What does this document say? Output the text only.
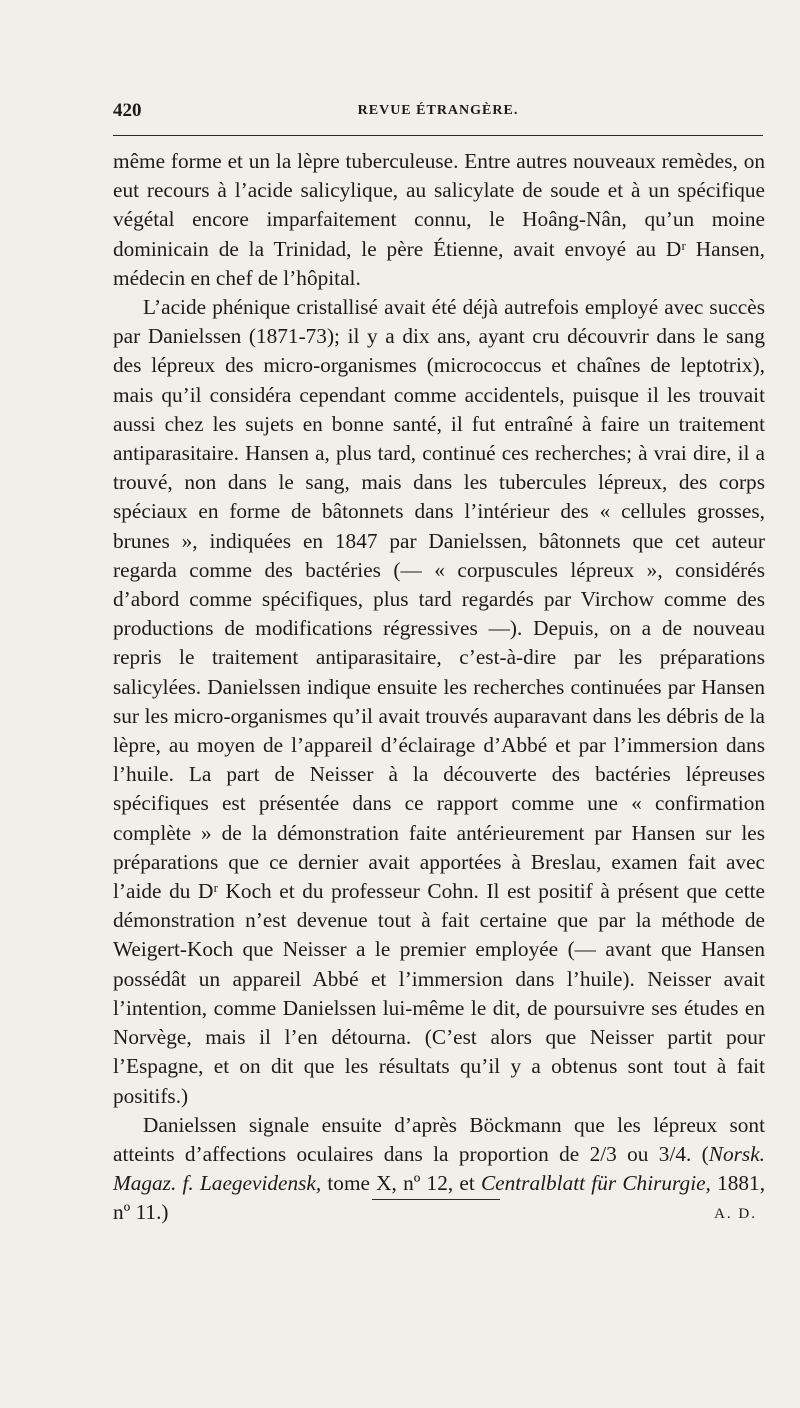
420	REVUE ÉTRANGÈRE.

même forme et un la lèpre tuberculeuse. Entre autres nouveaux remèdes, on eut recours à l’acide salicylique, au salicylate de soude et à un spécifique végétal encore imparfaitement connu, le Hoâng-Nân, qu’un moine dominicain de la Trinidad, le père Étienne, avait envoyé au Dʳ Hansen, médecin en chef de l’hôpital.

L’acide phénique cristallisé avait été déjà autrefois employé avec succès par Danielssen (1871-73); il y a dix ans, ayant cru découvrir dans le sang des lépreux des micro-organismes (micrococcus et chaînes de leptotrix), mais qu’il considéra cependant comme accidentels, puisque il les trouvait aussi chez les sujets en bonne santé, il fut entraîné à faire un traitement antiparasitaire. Hansen a, plus tard, continué ces recherches; à vrai dire, il a trouvé, non dans le sang, mais dans les tubercules lépreux, des corps spéciaux en forme de bâtonnets dans l’intérieur des « cellules grosses, brunes », indiquées en 1847 par Danielssen, bâtonnets que cet auteur regarda comme des bactéries (— « corpuscules lépreux », considérés d’abord comme spécifiques, plus tard regardés par Virchow comme des productions de modifications régressives —). Depuis, on a de nouveau repris le traitement antiparasitaire, c’est-à-dire par les préparations salicylées. Danielssen indique ensuite les recherches continuées par Hansen sur les micro-organismes qu’il avait trouvés auparavant dans les débris de la lèpre, au moyen de l’appareil d’éclairage d’Abbé et par l’immersion dans l’huile. La part de Neisser à la découverte des bactéries lépreuses spécifiques est présentée dans ce rapport comme une « confirmation complète » de la démonstration faite antérieurement par Hansen sur les préparations que ce dernier avait apportées à Breslau, examen fait avec l’aide du Dʳ Koch et du professeur Cohn. Il est positif à présent que cette démonstration n’est devenue tout à fait certaine que par la méthode de Weigert-Koch que Neisser a le premier employée (— avant que Hansen possédât un appareil Abbé et l’immersion dans l’huile). Neisser avait l’intention, comme Danielssen lui-même le dit, de poursuivre ses études en Norvège, mais il l’en détourna. (C’est alors que Neisser partit pour l’Espagne, et on dit que les résultats qu’il y a obtenus sont tout à fait positifs.)

Danielssen signale ensuite d’après Böckmann que les lépreux sont atteints d’affections oculaires dans la proportion de 2/3 ou 3/4. (Norsk. Magaz. f. Laegevidensk, tome X, nº 12, et Centralblatt für Chirurgie, 1881, nº 11.)	A. D.
